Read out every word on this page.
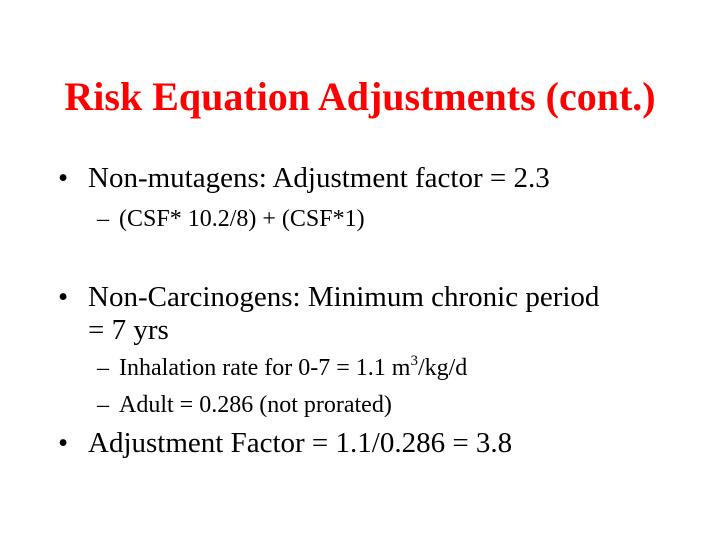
Risk Equation Adjustments (cont.)
• Non-mutagens: Adjustment factor = 2.3
– (CSF* 10.2/8) + (CSF*1)
• Non-Carcinogens: Minimum chronic period
= 7 yrs
– Inhalation rate for 0-7 = 1.1 $m^3/kg/d$
– Adult = 0.286 (not prorated)
• Adjustment Factor = 1.1/0.286 = 3.8
